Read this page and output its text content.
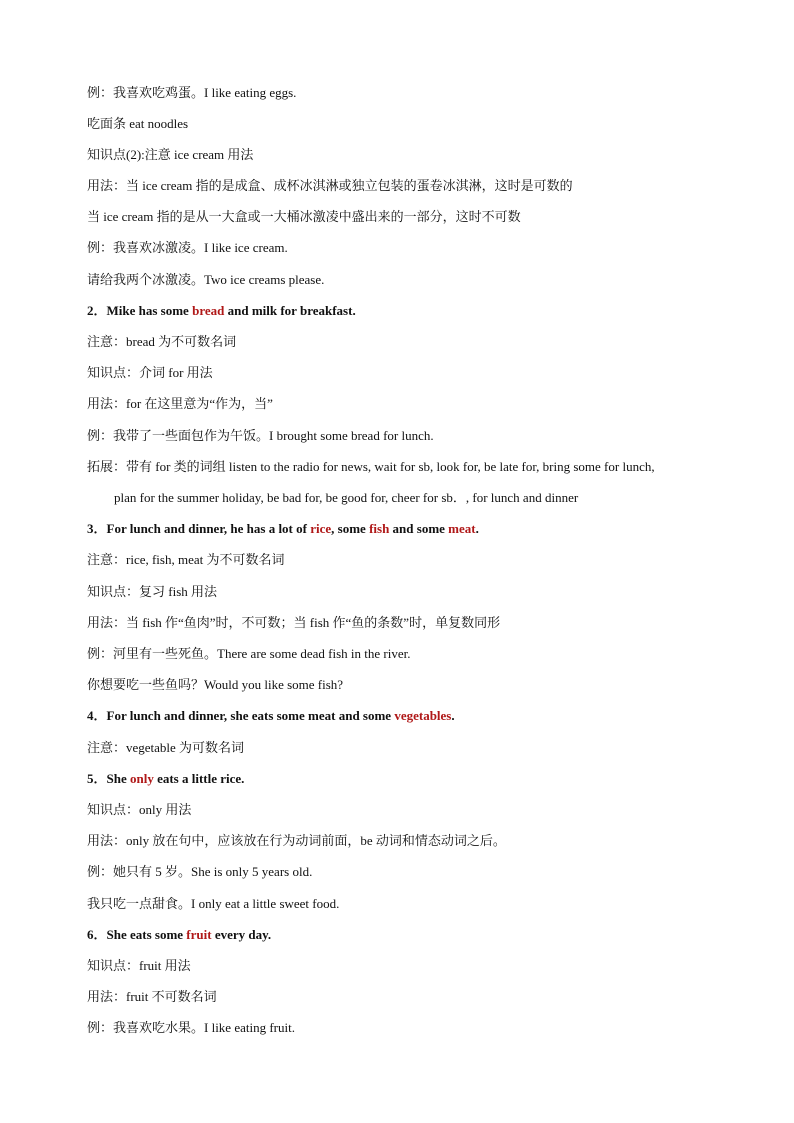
例：我喜欢吃鸡蛋。I like eating eggs.
吃面条 eat noodles
知识点(2):注意 ice cream 用法
用法：当 ice cream 指的是成盒、成杯冰淇淋或独立包装的蛋卷冰淇淋，这时是可数的
当 ice cream 指的是从一大盒或一大桶冰激凌中盛出来的一部分，这时不可数
例：我喜欢冰激凌。I like ice cream.
请给我两个冰激凌。Two ice creams please.
2．Mike has some bread and milk for breakfast.
注意：bread 为不可数名词
知识点：介词 for 用法
用法：for 在这里意为“作为，当”
例：我带了一些面包作为午饭。I brought some bread for lunch.
拓展：带有 for 类的词组 listen to the radio for news, wait for sb, look for, be late for, bring some for lunch,
plan for the summer holiday, be bad for, be good for, cheer for sb．, for lunch and dinner
3．For lunch and dinner, he has a lot of rice, some fish and some meat.
注意：rice, fish, meat 为不可数名词
知识点：复习 fish 用法
用法：当 fish 作“鱼肉”时，不可数；当 fish 作“鱼的条数”时，单复数同形
例：河里有一些死鱼。There are some dead fish in the river.
你想要吃一些鱼吗？Would you like some fish?
4．For lunch and dinner, she eats some meat and some vegetables.
注意：vegetable 为可数名词
5．She only eats a little rice.
知识点：only 用法
用法：only 放在句中，应该放在行为动词前面，be 动词和情态动词之后。
例：她只有 5 岁。She is only 5 years old.
我只吃一点甜食。I only eat a little sweet food.
6．She eats some fruit every day.
知识点：fruit 用法
用法：fruit 不可数名词
例：我喜欢吃水果。I like eating fruit.
